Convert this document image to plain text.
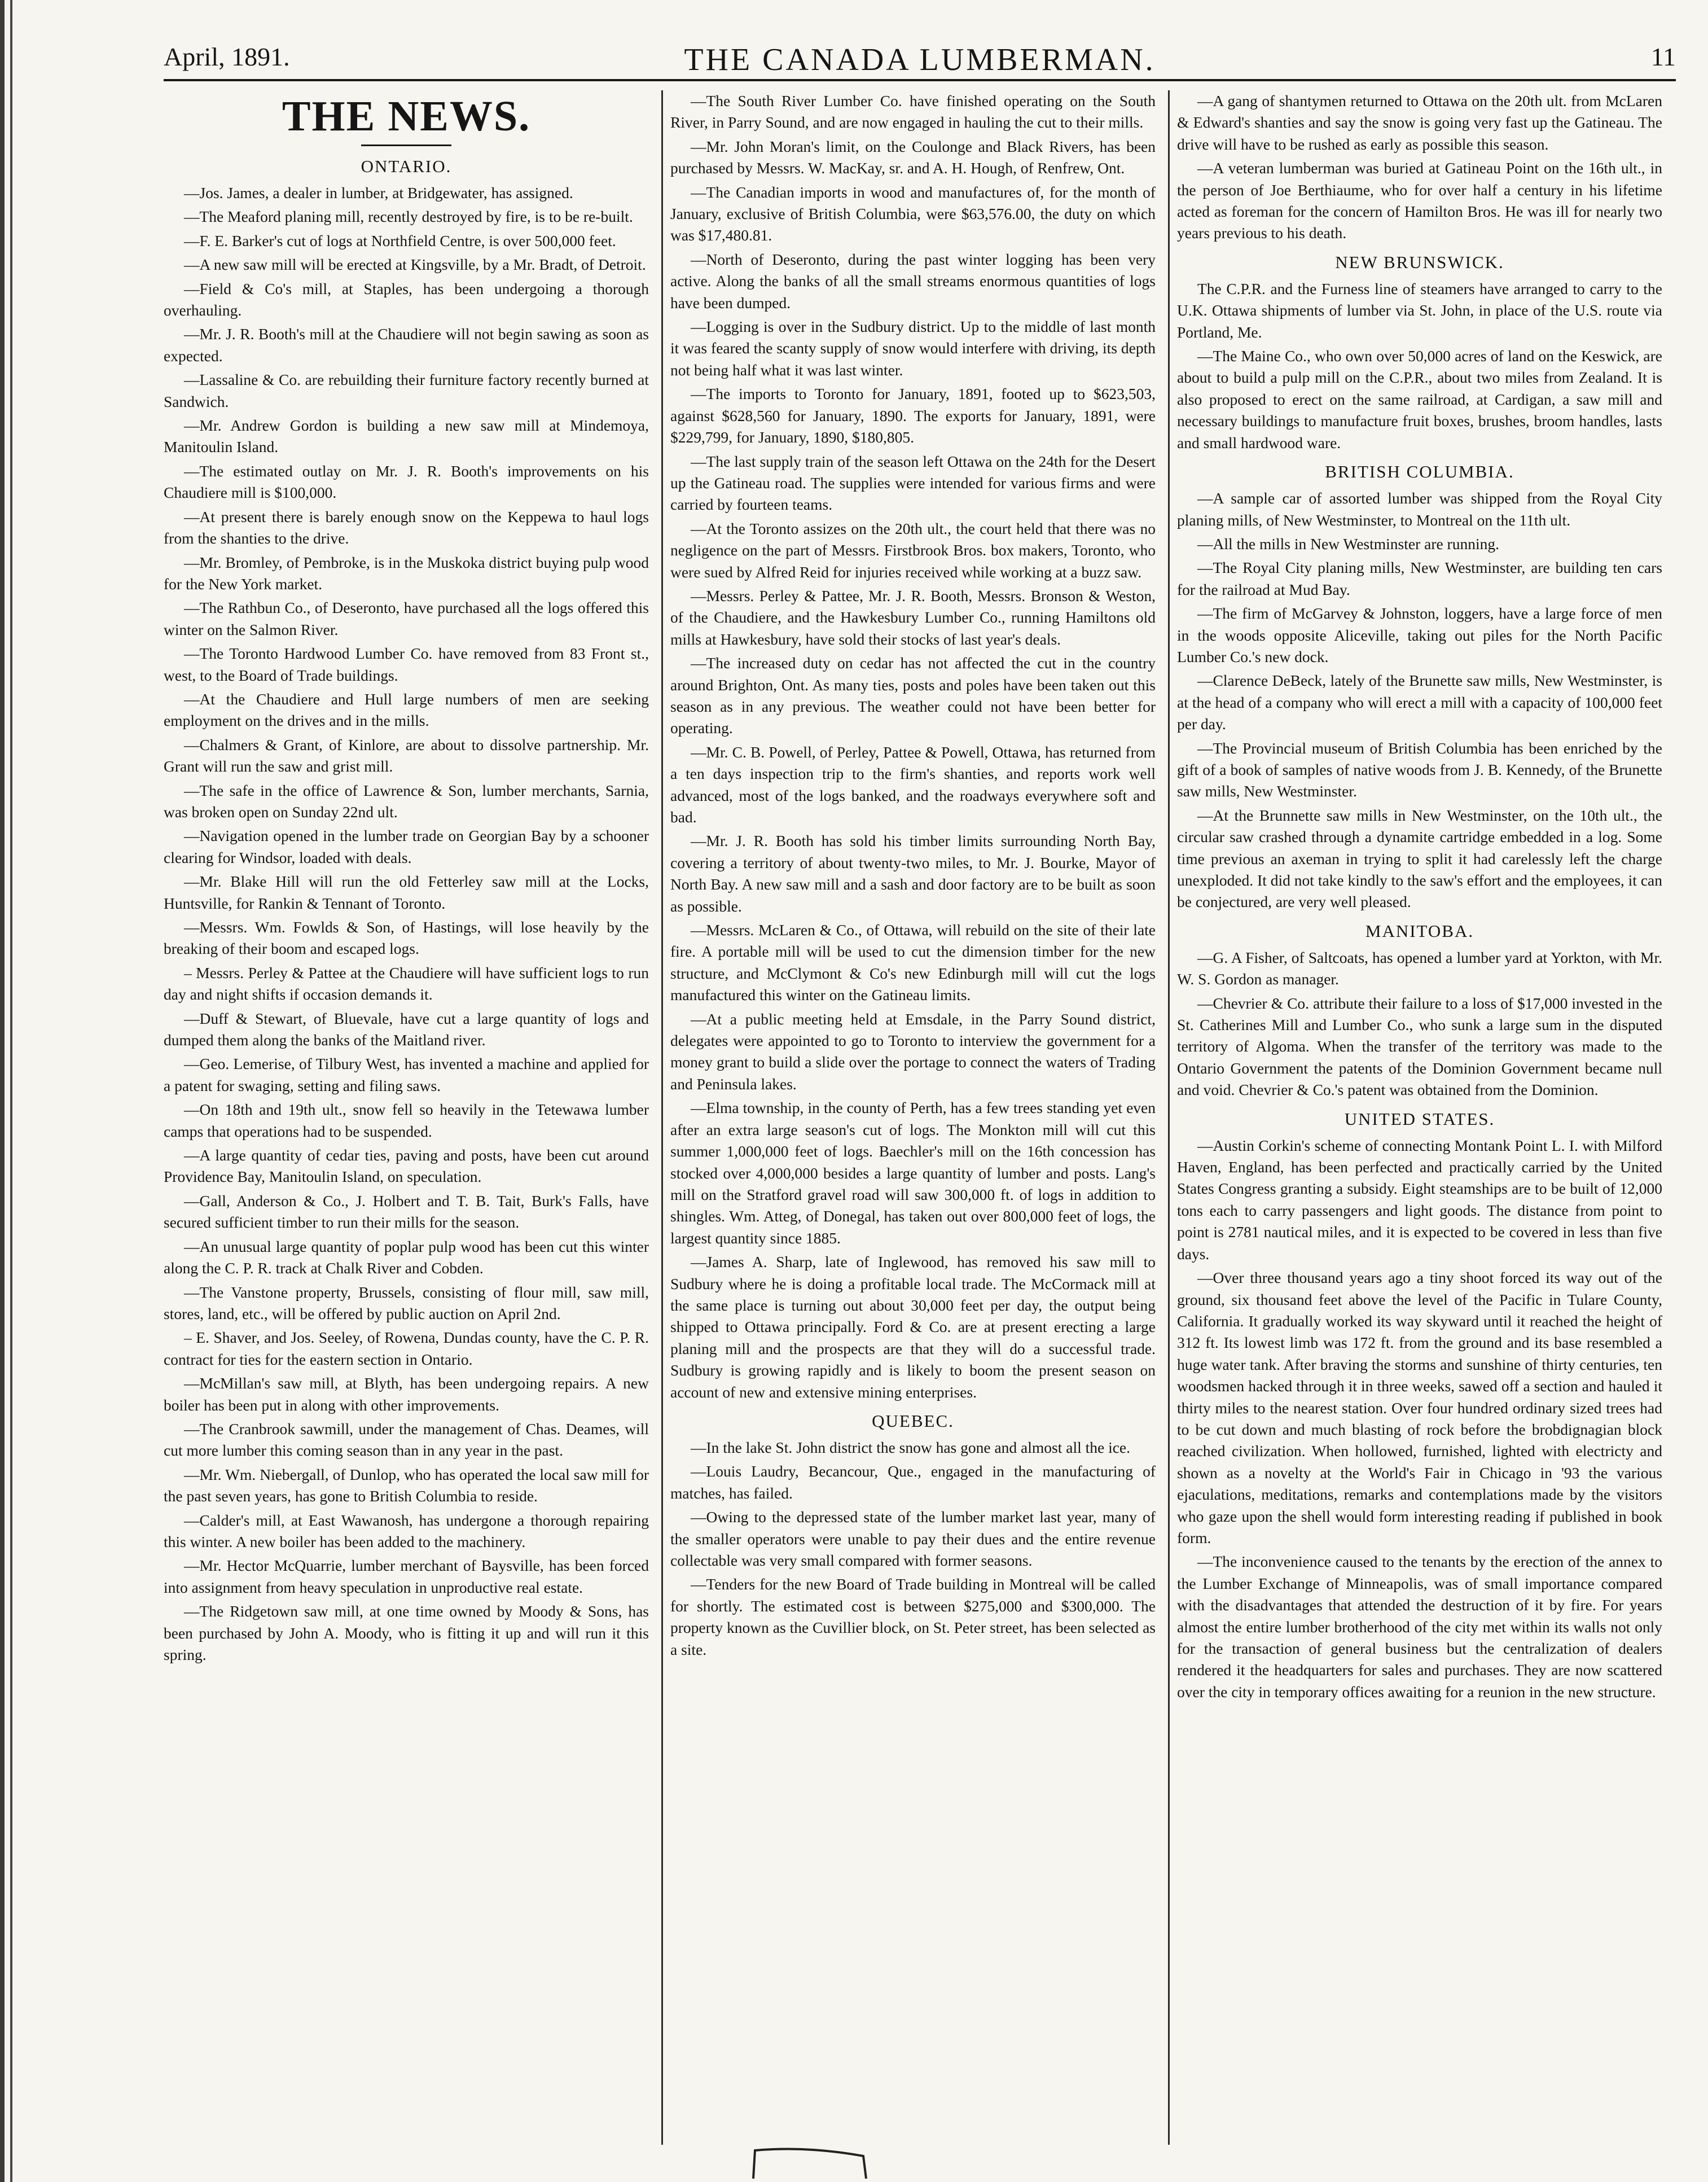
April, 1891.	THE CANADA LUMBERMAN.	11
THE NEWS.
ONTARIO.

—Jos. James, a dealer in lumber, at Bridgewater, has assigned.

—The Meaford planing mill, recently destroyed by fire, is to be re-built.

—F. E. Barker's cut of logs at Northfield Centre, is over 500,000 feet.

—A new saw mill will be erected at Kingsville, by a Mr. Bradt, of Detroit.

—Field & Co's mill, at Staples, has been undergoing a thorough overhauling.

—Mr. J. R. Booth's mill at the Chaudiere will not begin sawing as soon as expected.

—Lassaline & Co. are rebuilding their furniture factory recently burned at Sandwich.

—Mr. Andrew Gordon is building a new saw mill at Mindemoya, Manitoulin Island.

—The estimated outlay on Mr. J. R. Booth's improvements on his Chaudiere mill is $100,000.

—At present there is barely enough snow on the Keppewa to haul logs from the shanties to the drive.

—Mr. Bromley, of Pembroke, is in the Muskoka district buying pulp wood for the New York market.

—The Rathbun Co., of Deseronto, have purchased all the logs offered this winter on the Salmon River.

—The Toronto Hardwood Lumber Co. have removed from 83 Front st., west, to the Board of Trade buildings.

—At the Chaudiere and Hull large numbers of men are seeking employment on the drives and in the mills.

—Chalmers & Grant, of Kinlore, are about to dissolve partnership. Mr. Grant will run the saw and grist mill.

—The safe in the office of Lawrence & Son, lumber merchants, Sarnia, was broken open on Sunday 22nd ult.

—Navigation opened in the lumber trade on Georgian Bay by a schooner clearing for Windsor, loaded with deals.

—Mr. Blake Hill will run the old Fetterley saw mill at the Locks, Huntsville, for Rankin & Tennant of Toronto.

—Messrs. Wm. Fowlds & Son, of Hastings, will lose heavily by the breaking of their boom and escaped logs.

– Messrs. Perley & Pattee at the Chaudiere will have sufficient logs to run day and night shifts if occasion demands it.

—Duff & Stewart, of Bluevale, have cut a large quantity of logs and dumped them along the banks of the Maitland river.

—Geo. Lemerise, of Tilbury West, has invented a machine and applied for a patent for swaging, setting and filing saws.

—On 18th and 19th ult., snow fell so heavily in the Tetewawa lumber camps that operations had to be suspended.

—A large quantity of cedar ties, paving and posts, have been cut around Providence Bay, Manitoulin Island, on speculation.

—Gall, Anderson & Co., J. Holbert and T. B. Tait, Burk's Falls, have secured sufficient timber to run their mills for the season.

—An unusual large quantity of poplar pulp wood has been cut this winter along the C. P. R. track at Chalk River and Cobden.

—The Vanstone property, Brussels, consisting of flour mill, saw mill, stores, land, etc., will be offered by public auction on April 2nd.

– E. Shaver, and Jos. Seeley, of Rowena, Dundas county, have the C. P. R. contract for ties for the eastern section in Ontario.

—McMillan's saw mill, at Blyth, has been undergoing repairs. A new boiler has been put in along with other improvements.

—The Cranbrook sawmill, under the management of Chas. Deames, will cut more lumber this coming season than in any year in the past.

—Mr. Wm. Niebergall, of Dunlop, who has operated the local saw mill for the past seven years, has gone to British Columbia to reside.

—Calder's mill, at East Wawanosh, has undergone a thorough repairing this winter. A new boiler has been added to the machinery.

—Mr. Hector McQuarrie, lumber merchant of Baysville, has been forced into assignment from heavy speculation in unproductive real estate.

—The Ridgetown saw mill, at one time owned by Moody & Sons, has been purchased by John A. Moody, who is fitting it up and will run it this spring.

—The South River Lumber Co. have finished operating on the South River, in Parry Sound, and are now engaged in hauling the cut to their mills.

—Mr. John Moran's limit, on the Coulonge and Black Rivers, has been purchased by Messrs. W. MacKay, sr. and A. H. Hough, of Renfrew, Ont.

—The Canadian imports in wood and manufactures of, for the month of January, exclusive of British Columbia, were $63,576.00, the duty on which was $17,480.81.

—North of Deseronto, during the past winter logging has been very active. Along the banks of all the small streams enormous quantities of logs have been dumped.

—Logging is over in the Sudbury district. Up to the middle of last month it was feared the scanty supply of snow would interfere with driving, its depth not being half what it was last winter.

—The imports to Toronto for January, 1891, footed up to $623,503, against $628,560 for January, 1890. The exports for January, 1891, were $229,799, for January, 1890, $180,805.

—The last supply train of the season left Ottawa on the 24th for the Desert up the Gatineau road. The supplies were intended for various firms and were carried by fourteen teams.

—At the Toronto assizes on the 20th ult., the court held that there was no negligence on the part of Messrs. Firstbrook Bros. box makers, Toronto, who were sued by Alfred Reid for injuries received while working at a buzz saw.

—Messrs. Perley & Pattee, Mr. J. R. Booth, Messrs. Bronson & Weston, of the Chaudiere, and the Hawkesbury Lumber Co., running Hamiltons old mills at Hawkesbury, have sold their stocks of last year's deals.

—The increased duty on cedar has not affected the cut in the country around Brighton, Ont. As many ties, posts and poles have been taken out this season as in any previous. The weather could not have been better for operating.

—Mr. C. B. Powell, of Perley, Pattee & Powell, Ottawa, has returned from a ten days inspection trip to the firm's shanties, and reports work well advanced, most of the logs banked, and the roadways everywhere soft and bad.

—Mr. J. R. Booth has sold his timber limits surrounding North Bay, covering a territory of about twenty-two miles, to Mr. J. Bourke, Mayor of North Bay. A new saw mill and a sash and door factory are to be built as soon as possible.

—Messrs. McLaren & Co., of Ottawa, will rebuild on the site of their late fire. A portable mill will be used to cut the dimension timber for the new structure, and McClymont & Co's new Edinburgh mill will cut the logs manufactured this winter on the Gatineau limits.

—At a public meeting held at Emsdale, in the Parry Sound district, delegates were appointed to go to Toronto to interview the government for a money grant to build a slide over the portage to connect the waters of Trading and Peninsula lakes.

—Elma township, in the county of Perth, has a few trees standing yet even after an extra large season's cut of logs. The Monkton mill will cut this summer 1,000,000 feet of logs. Baechler's mill on the 16th concession has stocked over 4,000,000 besides a large quantity of lumber and posts. Lang's mill on the Stratford gravel road will saw 300,000 ft. of logs in addition to shingles. Wm. Atteg, of Donegal, has taken out over 800,000 feet of logs, the largest quantity since 1885.

—James A. Sharp, late of Inglewood, has removed his saw mill to Sudbury where he is doing a profitable local trade. The McCormack mill at the same place is turning out about 30,000 feet per day, the output being shipped to Ottawa principally. Ford & Co. are at present erecting a large planing mill and the prospects are that they will do a successful trade. Sudbury is growing rapidly and is likely to boom the present season on account of new and extensive mining enterprises.

QUEBEC.

—In the lake St. John district the snow has gone and almost all the ice.

—Louis Laudry, Becancour, Que., engaged in the manufacturing of matches, has failed.

—Owing to the depressed state of the lumber market last year, many of the smaller operators were unable to pay their dues and the entire revenue collectable was very small compared with former seasons.

—Tenders for the new Board of Trade building in Montreal will be called for shortly. The estimated cost is between $275,000 and $300,000. The property known as the Cuvillier block, on St. Peter street, has been selected as a site.

—A gang of shantymen returned to Ottawa on the 20th ult. from McLaren & Edward's shanties and say the snow is going very fast up the Gatineau. The drive will have to be rushed as early as possible this season.

—A veteran lumberman was buried at Gatineau Point on the 16th ult., in the person of Joe Berthiaume, who for over half a century in his lifetime acted as foreman for the concern of Hamilton Bros. He was ill for nearly two years previous to his death.

NEW BRUNSWICK.

The C.P.R. and the Furness line of steamers have arranged to carry to the U.K. Ottawa shipments of lumber via St. John, in place of the U.S. route via Portland, Me.

—The Maine Co., who own over 50,000 acres of land on the Keswick, are about to build a pulp mill on the C.P.R., about two miles from Zealand. It is also proposed to erect on the same railroad, at Cardigan, a saw mill and necessary buildings to manufacture fruit boxes, brushes, broom handles, lasts and small hardwood ware.

BRITISH COLUMBIA.

—A sample car of assorted lumber was shipped from the Royal City planing mills, of New Westminster, to Montreal on the 11th ult.

—All the mills in New Westminster are running.

—The Royal City planing mills, New Westminster, are building ten cars for the railroad at Mud Bay.

—The firm of McGarvey & Johnston, loggers, have a large force of men in the woods opposite Aliceville, taking out piles for the North Pacific Lumber Co.'s new dock.

—Clarence DeBeck, lately of the Brunette saw mills, New Westminster, is at the head of a company who will erect a mill with a capacity of 100,000 feet per day.

—The Provincial museum of British Columbia has been enriched by the gift of a book of samples of native woods from J. B. Kennedy, of the Brunette saw mills, New Westminster.

—At the Brunnette saw mills in New Westminster, on the 10th ult., the circular saw crashed through a dynamite cartridge embedded in a log. Some time previous an axeman in trying to split it had carelessly left the charge unexploded. It did not take kindly to the saw's effort and the employees, it can be conjectured, are very well pleased.

MANITOBA.

—G. A Fisher, of Saltcoats, has opened a lumber yard at Yorkton, with Mr. W. S. Gordon as manager.

—Chevrier & Co. attribute their failure to a loss of $17,000 invested in the St. Catherines Mill and Lumber Co., who sunk a large sum in the disputed territory of Algoma. When the transfer of the territory was made to the Ontario Government the patents of the Dominion Government became null and void. Chevrier & Co.'s patent was obtained from the Dominion.

UNITED STATES.

—Austin Corkin's scheme of connecting Montank Point L. I. with Milford Haven, England, has been perfected and practically carried by the United States Congress granting a subsidy. Eight steamships are to be built of 12,000 tons each to carry passengers and light goods. The distance from point to point is 2781 nautical miles, and it is expected to be covered in less than five days.

—Over three thousand years ago a tiny shoot forced its way out of the ground, six thousand feet above the level of the Pacific in Tulare County, California. It gradually worked its way skyward until it reached the height of 312 ft. Its lowest limb was 172 ft. from the ground and its base resembled a huge water tank. After braving the storms and sunshine of thirty centuries, ten woodsmen hacked through it in three weeks, sawed off a section and hauled it thirty miles to the nearest station. Over four hundred ordinary sized trees had to be cut down and much blasting of rock before the brobdignagian block reached civilization. When hollowed, furnished, lighted with electricty and shown as a novelty at the World's Fair in Chicago in '93 the various ejaculations, meditations, remarks and contemplations made by the visitors who gaze upon the shell would form interesting reading if published in book form.

—The inconvenience caused to the tenants by the erection of the annex to the Lumber Exchange of Minneapolis, was of small importance compared with the disadvantages that attended the destruction of it by fire. For years almost the entire lumber brotherhood of the city met within its walls not only for the transaction of general business but the centralization of dealers rendered it the headquarters for sales and purchases. They are now scattered over the city in temporary offices awaiting for a reunion in the new structure.
